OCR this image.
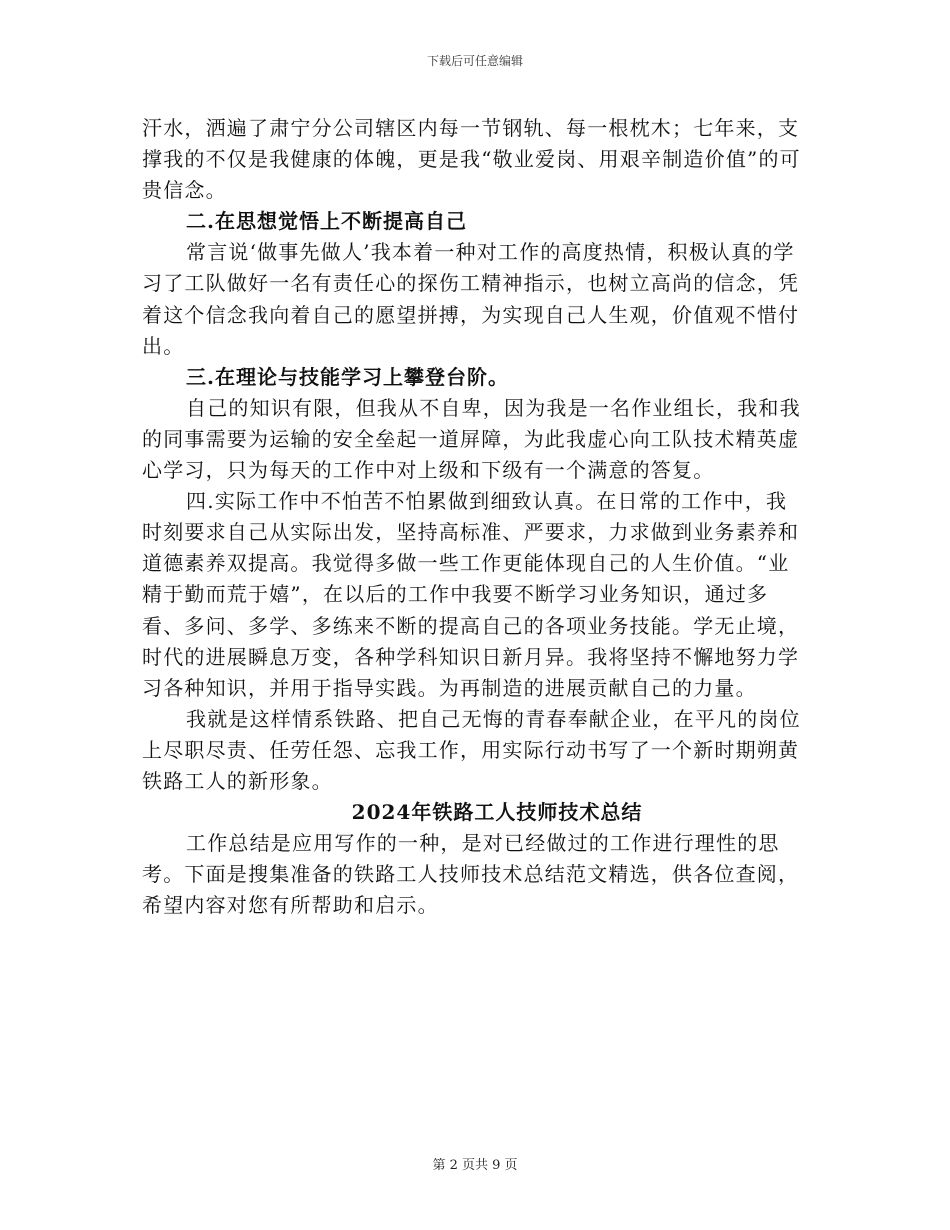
下载后可任意编辑

汗水，洒遍了肃宁分公司辖区内每一节钢轨、每一根枕木；七年来，支撑我的不仅是我健康的体魄，更是我“敬业爱岗、用艰辛制造价值”的可贵信念。

二.在思想觉悟上不断提高自己

常言说‘做事先做人’我本着一种对工作的高度热情，积极认真的学习了工队做好一名有责任心的探伤工精神指示，也树立高尚的信念，凭着这个信念我向着自己的愿望拼搏，为实现自己人生观，价值观不惜付出。

三.在理论与技能学习上攀登台阶。

自己的知识有限，但我从不自卑，因为我是一名作业组长，我和我的同事需要为运输的安全垒起一道屏障，为此我虚心向工队技术精英虚心学习，只为每天的工作中对上级和下级有一个满意的答复。

四.实际工作中不怕苦不怕累做到细致认真。在日常的工作中，我时刻要求自己从实际出发，坚持高标准、严要求，力求做到业务素养和道德素养双提高。我觉得多做一些工作更能体现自己的人生价值。“业精于勤而荒于嬉”，在以后的工作中我要不断学习业务知识，通过多看、多问、多学、多练来不断的提高自己的各项业务技能。学无止境，时代的进展瞬息万变，各种学科知识日新月异。我将坚持不懈地努力学习各种知识，并用于指导实践。为再制造的进展贡献自己的力量。

我就是这样情系铁路、把自己无悔的青春奉献企业，在平凡的岗位上尽职尽责、任劳任怨、忘我工作，用实际行动书写了一个新时期朔黄铁路工人的新形象。

2024年铁路工人技师技术总结

工作总结是应用写作的一种，是对已经做过的工作进行理性的思考。下面是搜集准备的铁路工人技师技术总结范文精选，供各位查阅，希望内容对您有所帮助和启示。

第 2 页共 9 页
